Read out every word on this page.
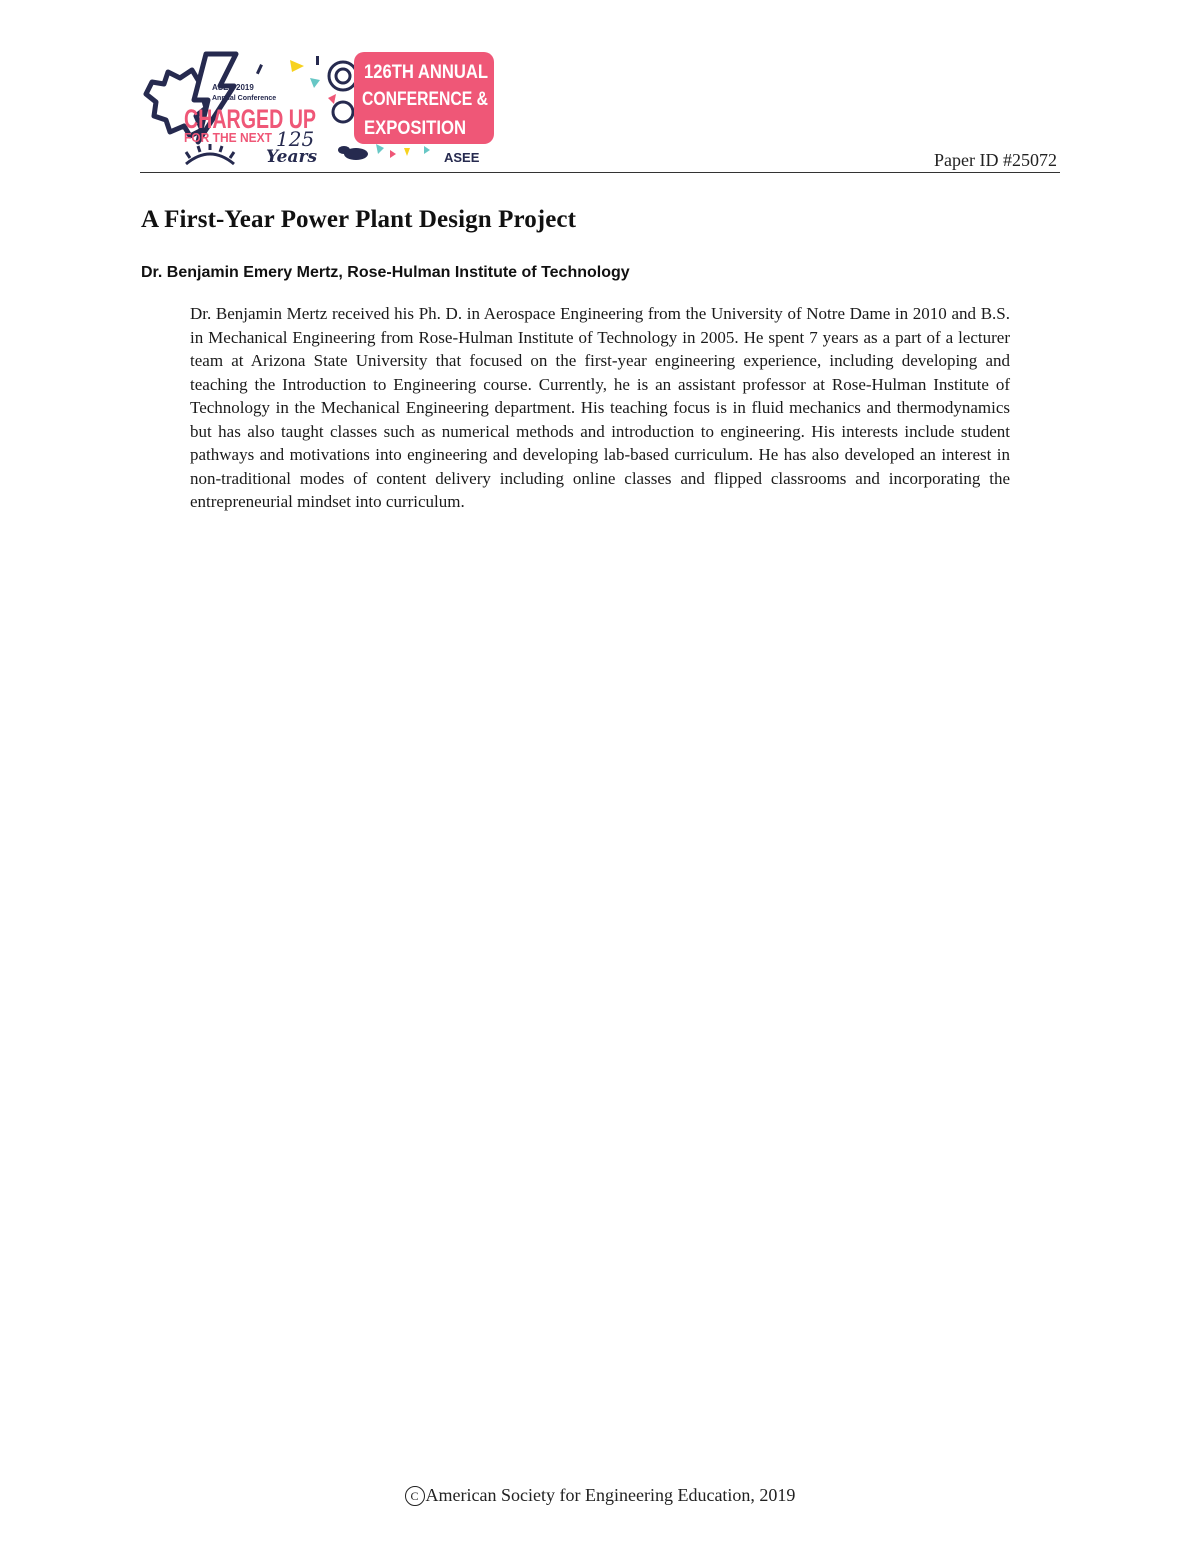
ASEE 2019
Annual Conference
CHARGED UP
FOR THE NEXT 125
Years
126TH ANNUAL
CONFERENCE &
EXPOSITION
ASEE	Paper ID #25072
A First-Year Power Plant Design Project
Dr. Benjamin Emery Mertz, Rose-Hulman Institute of Technology

Dr. Benjamin Mertz received his Ph. D. in Aerospace Engineering from the University of Notre Dame in 2010 and B.S. in Mechanical Engineering from Rose-Hulman Institute of Technology in 2005. He spent 7 years as a part of a lecturer team at Arizona State University that focused on the first-year engineering experience, including developing and teaching the Introduction to Engineering course. Currently, he is an assistant professor at Rose-Hulman Institute of Technology in the Mechanical Engineering department. His teaching focus is in fluid mechanics and thermodynamics but has also taught classes such as numerical methods and introduction to engineering. His interests include student pathways and motivations into engineering and developing lab-based curriculum. He has also developed an interest in non-traditional modes of content delivery including online classes and flipped classrooms and incorporating the entrepreneurial mindset into curriculum.

C American Society for Engineering Education, 2019
